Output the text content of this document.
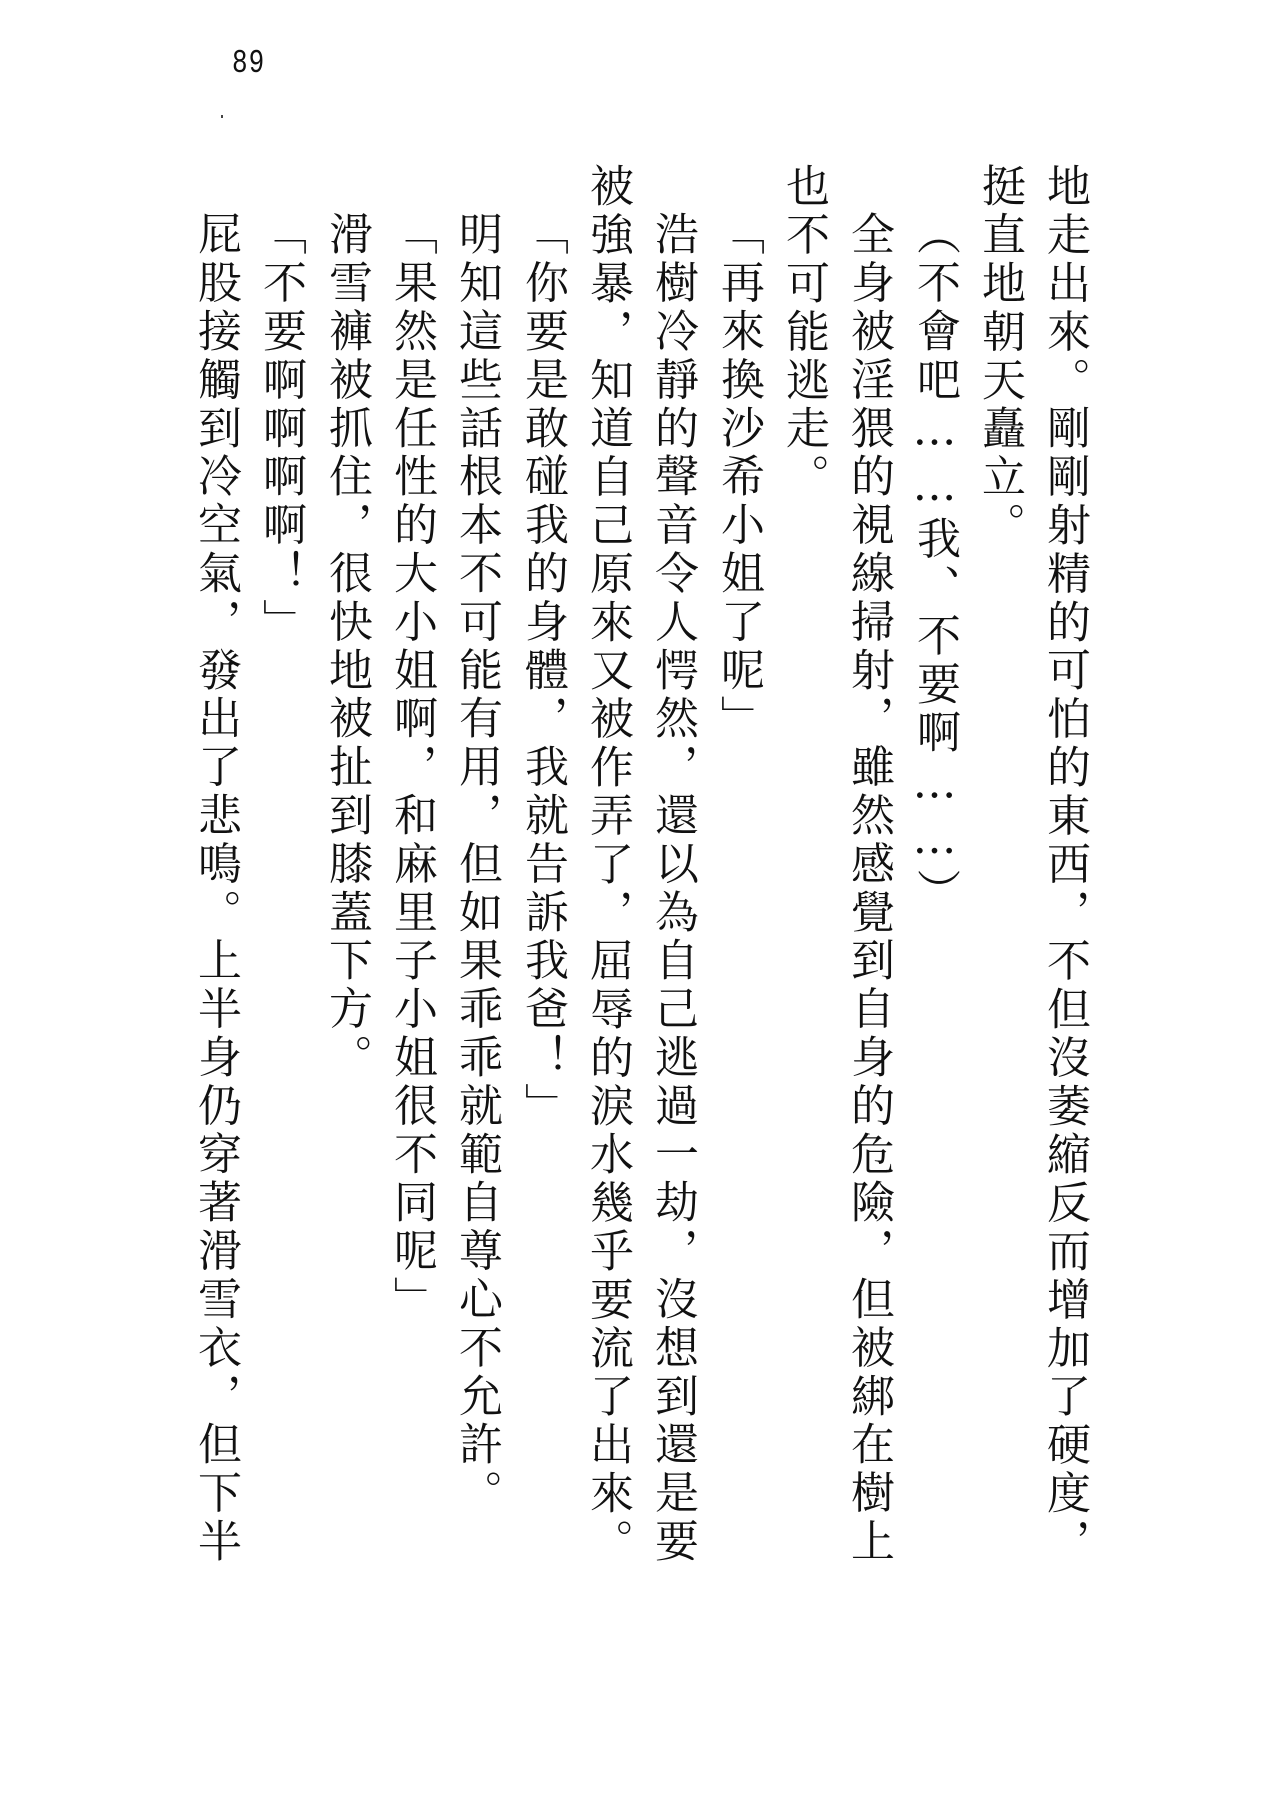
89
地走出來。剛剛射精的可怕的東西，不但沒萎縮反而增加了硬度，
挺直地朝天矗立。
（不會吧……我、不要啊……）
全身被淫猥的視線掃射，雖然感覺到自身的危險，但被綁在樹上
也不可能逃走。
「再來換沙希小姐了呢」
浩樹冷靜的聲音令人愕然，還以為自己逃過一劫，沒想到還是要
被強暴，知道自己原來又被作弄了，屈辱的淚水幾乎要流了出來。
「你要是敢碰我的身體，我就告訴我爸！」
明知這些話根本不可能有用，但如果乖乖就範自尊心不允許。
「果然是任性的大小姐啊，和麻里子小姐很不同呢」
滑雪褲被抓住，很快地被扯到膝蓋下方。
「不要啊啊啊啊！」
屁股接觸到冷空氣，發出了悲鳴。上半身仍穿著滑雪衣，但下半
